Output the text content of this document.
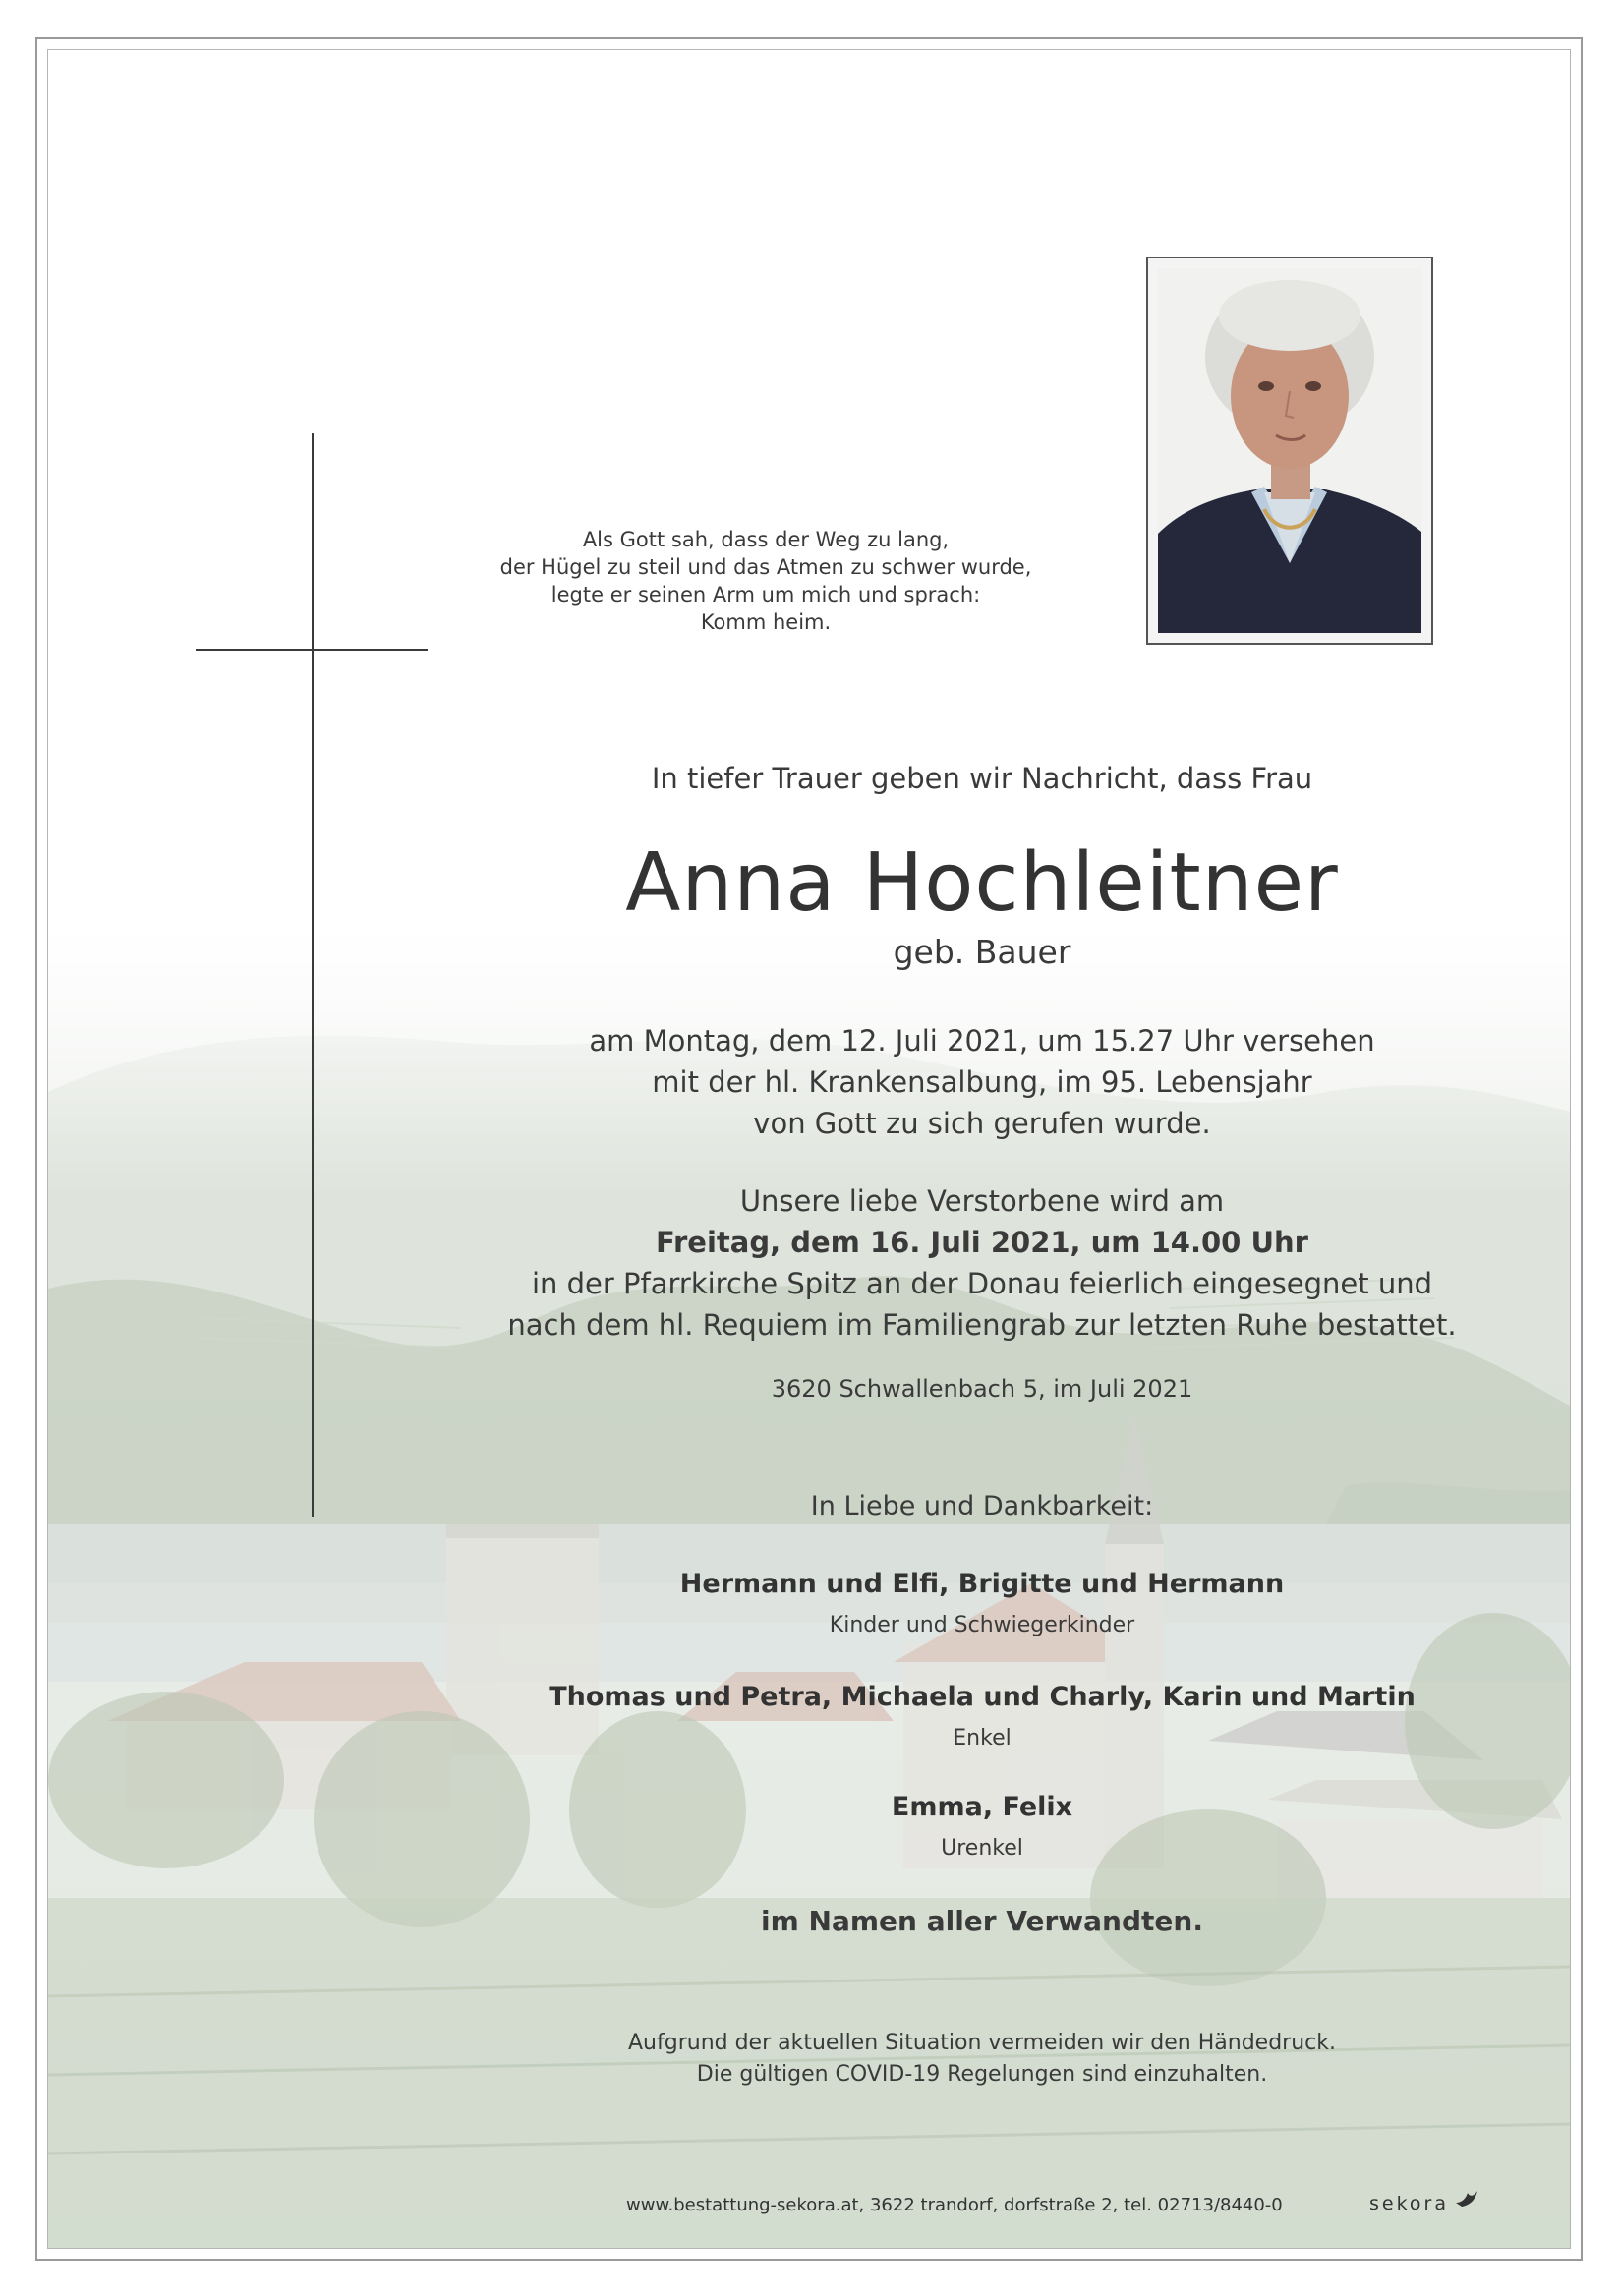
Als Gott sah, dass der Weg zu lang,
der Hügel zu steil und das Atmen zu schwer wurde,
legte er seinen Arm um mich und sprach:
Komm heim.
In tiefer Trauer geben wir Nachricht, dass Frau
Anna Hochleitner
geb. Bauer
am Montag, dem 12. Juli 2021, um 15.27 Uhr versehen
mit der hl. Krankensalbung, im 95. Lebensjahr
von Gott zu sich gerufen wurde.
Unsere liebe Verstorbene wird am
Freitag, dem 16. Juli 2021, um 14.00 Uhr
in der Pfarrkirche Spitz an der Donau feierlich eingesegnet und
nach dem hl. Requiem im Familiengrab zur letzten Ruhe bestattet.
3620 Schwallenbach 5, im Juli 2021
In Liebe und Dankbarkeit:
Hermann und Elfi, Brigitte und Hermann
Kinder und Schwiegerkinder
Thomas und Petra, Michaela und Charly, Karin und Martin
Enkel
Emma, Felix
Urenkel
im Namen aller Verwandten.
Aufgrund der aktuellen Situation vermeiden wir den Händedruck.
Die gültigen COVID-19 Regelungen sind einzuhalten.
www.bestattung-sekora.at, 3622 trandorf, dorfstraße 2, tel. 02713/8440-0	sekora
